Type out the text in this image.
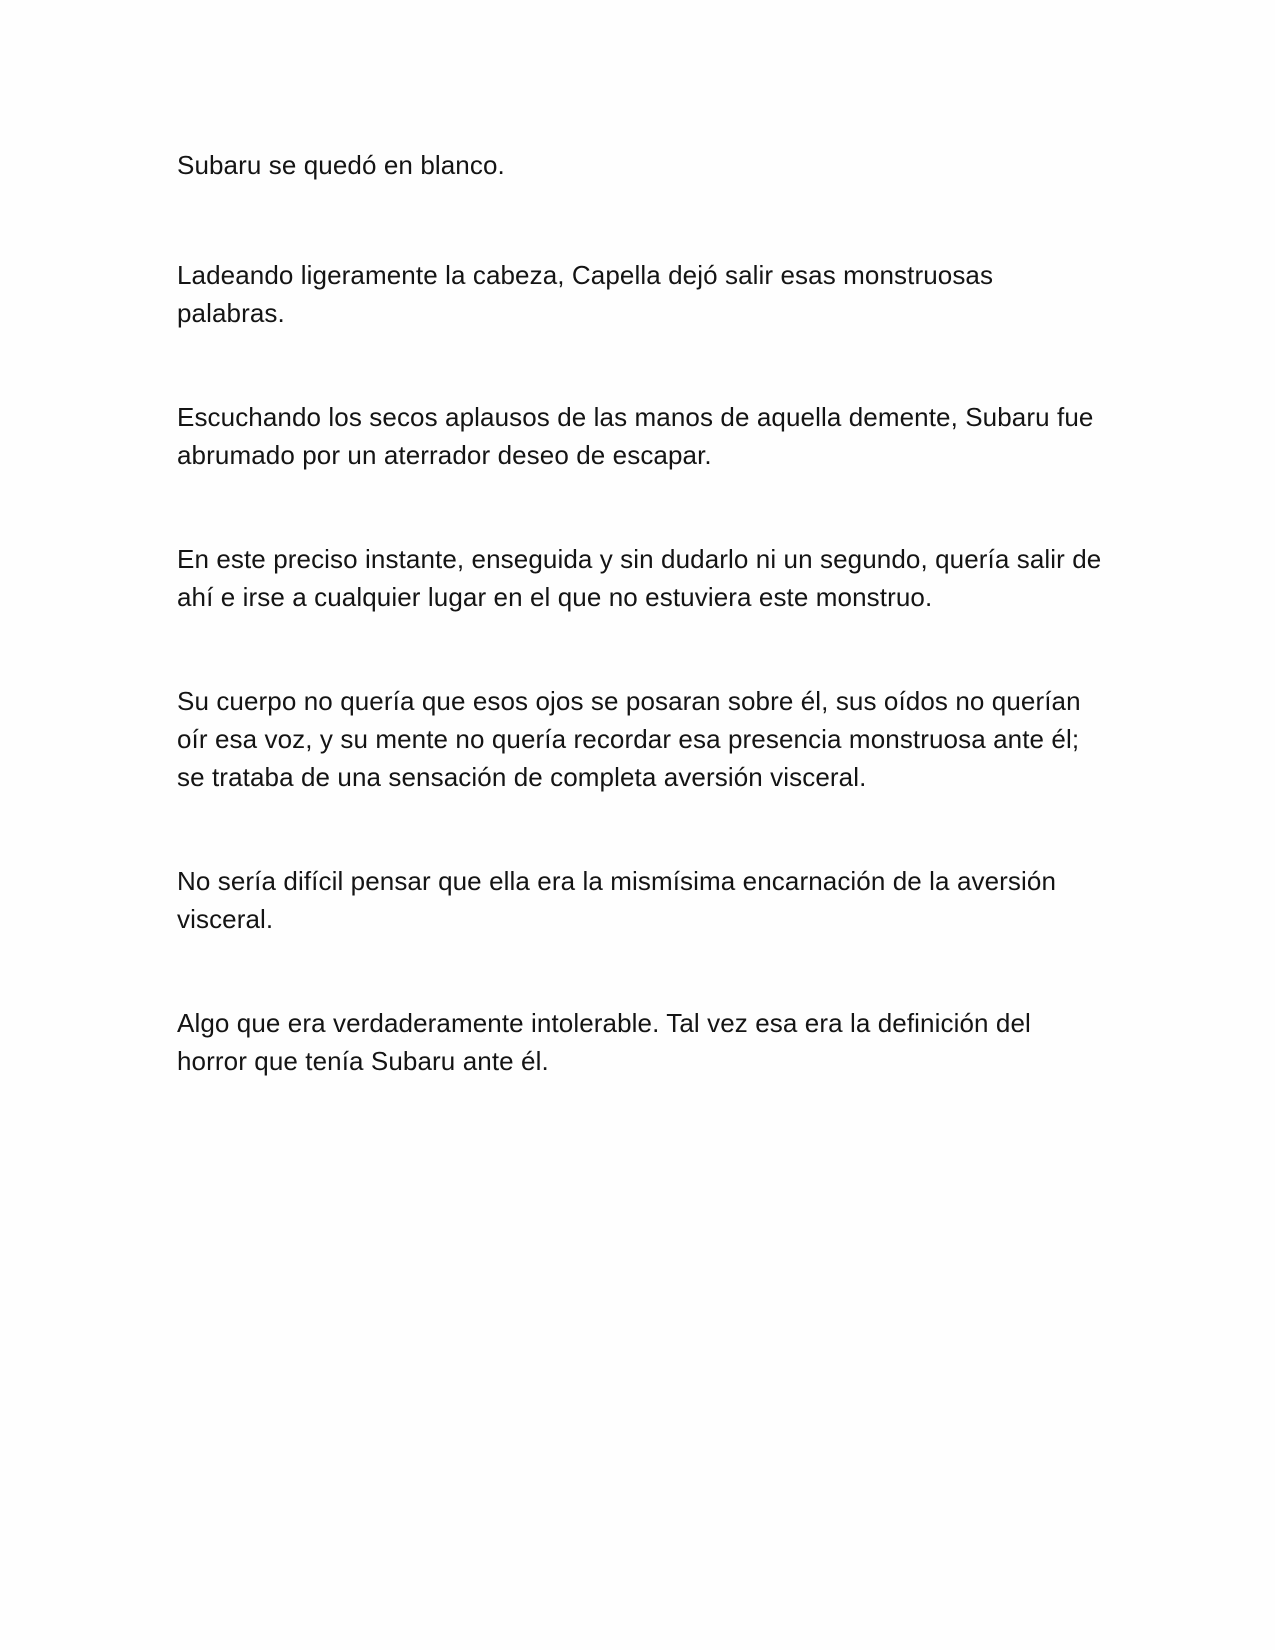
Subaru se quedó en blanco.

Ladeando ligeramente la cabeza, Capella dejó salir esas monstruosas palabras.

Escuchando los secos aplausos de las manos de aquella demente, Subaru fue abrumado por un aterrador deseo de escapar.

En este preciso instante, enseguida y sin dudarlo ni un segundo, quería salir de ahí e irse a cualquier lugar en el que no estuviera este monstruo.

Su cuerpo no quería que esos ojos se posaran sobre él, sus oídos no querían oír esa voz, y su mente no quería recordar esa presencia monstruosa ante él; se trataba de una sensación de completa aversión visceral.

No sería difícil pensar que ella era la mismísima encarnación de la aversión visceral.

Algo que era verdaderamente intolerable. Tal vez esa era la definición del horror que tenía Subaru ante él.
